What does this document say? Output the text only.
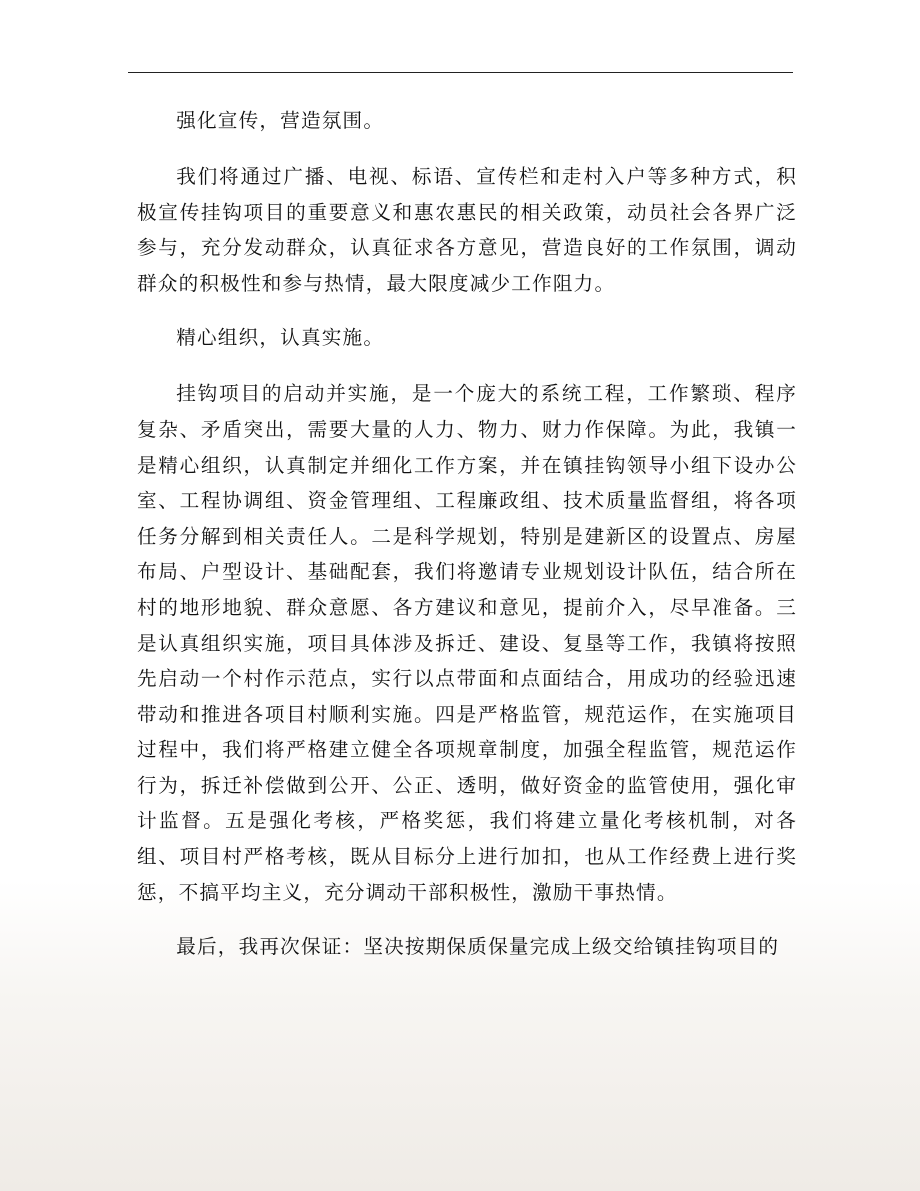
强化宣传，营造氛围。

我们将通过广播、电视、标语、宣传栏和走村入户等多种方式，积极宣传挂钩项目的重要意义和惠农惠民的相关政策，动员社会各界广泛参与，充分发动群众，认真征求各方意见，营造良好的工作氛围，调动群众的积极性和参与热情，最大限度减少工作阻力。

精心组织，认真实施。

挂钩项目的启动并实施，是一个庞大的系统工程，工作繁琐、程序复杂、矛盾突出，需要大量的人力、物力、财力作保障。为此，我镇一是精心组织，认真制定并细化工作方案，并在镇挂钩领导小组下设办公室、工程协调组、资金管理组、工程廉政组、技术质量监督组，将各项任务分解到相关责任人。二是科学规划，特别是建新区的设置点、房屋布局、户型设计、基础配套，我们将邀请专业规划设计队伍，结合所在村的地形地貌、群众意愿、各方建议和意见，提前介入，尽早准备。三是认真组织实施，项目具体涉及拆迁、建设、复垦等工作，我镇将按照先启动一个村作示范点，实行以点带面和点面结合，用成功的经验迅速带动和推进各项目村顺利实施。四是严格监管，规范运作，在实施项目过程中，我们将严格建立健全各项规章制度，加强全程监管，规范运作行为，拆迁补偿做到公开、公正、透明，做好资金的监管使用，强化审计监督。五是强化考核，严格奖惩，我们将建立量化考核机制，对各组、项目村严格考核，既从目标分上进行加扣，也从工作经费上进行奖惩，不搞平均主义，充分调动干部积极性，激励干事热情。

最后，我再次保证：坚决按期保质保量完成上级交给镇挂钩项目的
